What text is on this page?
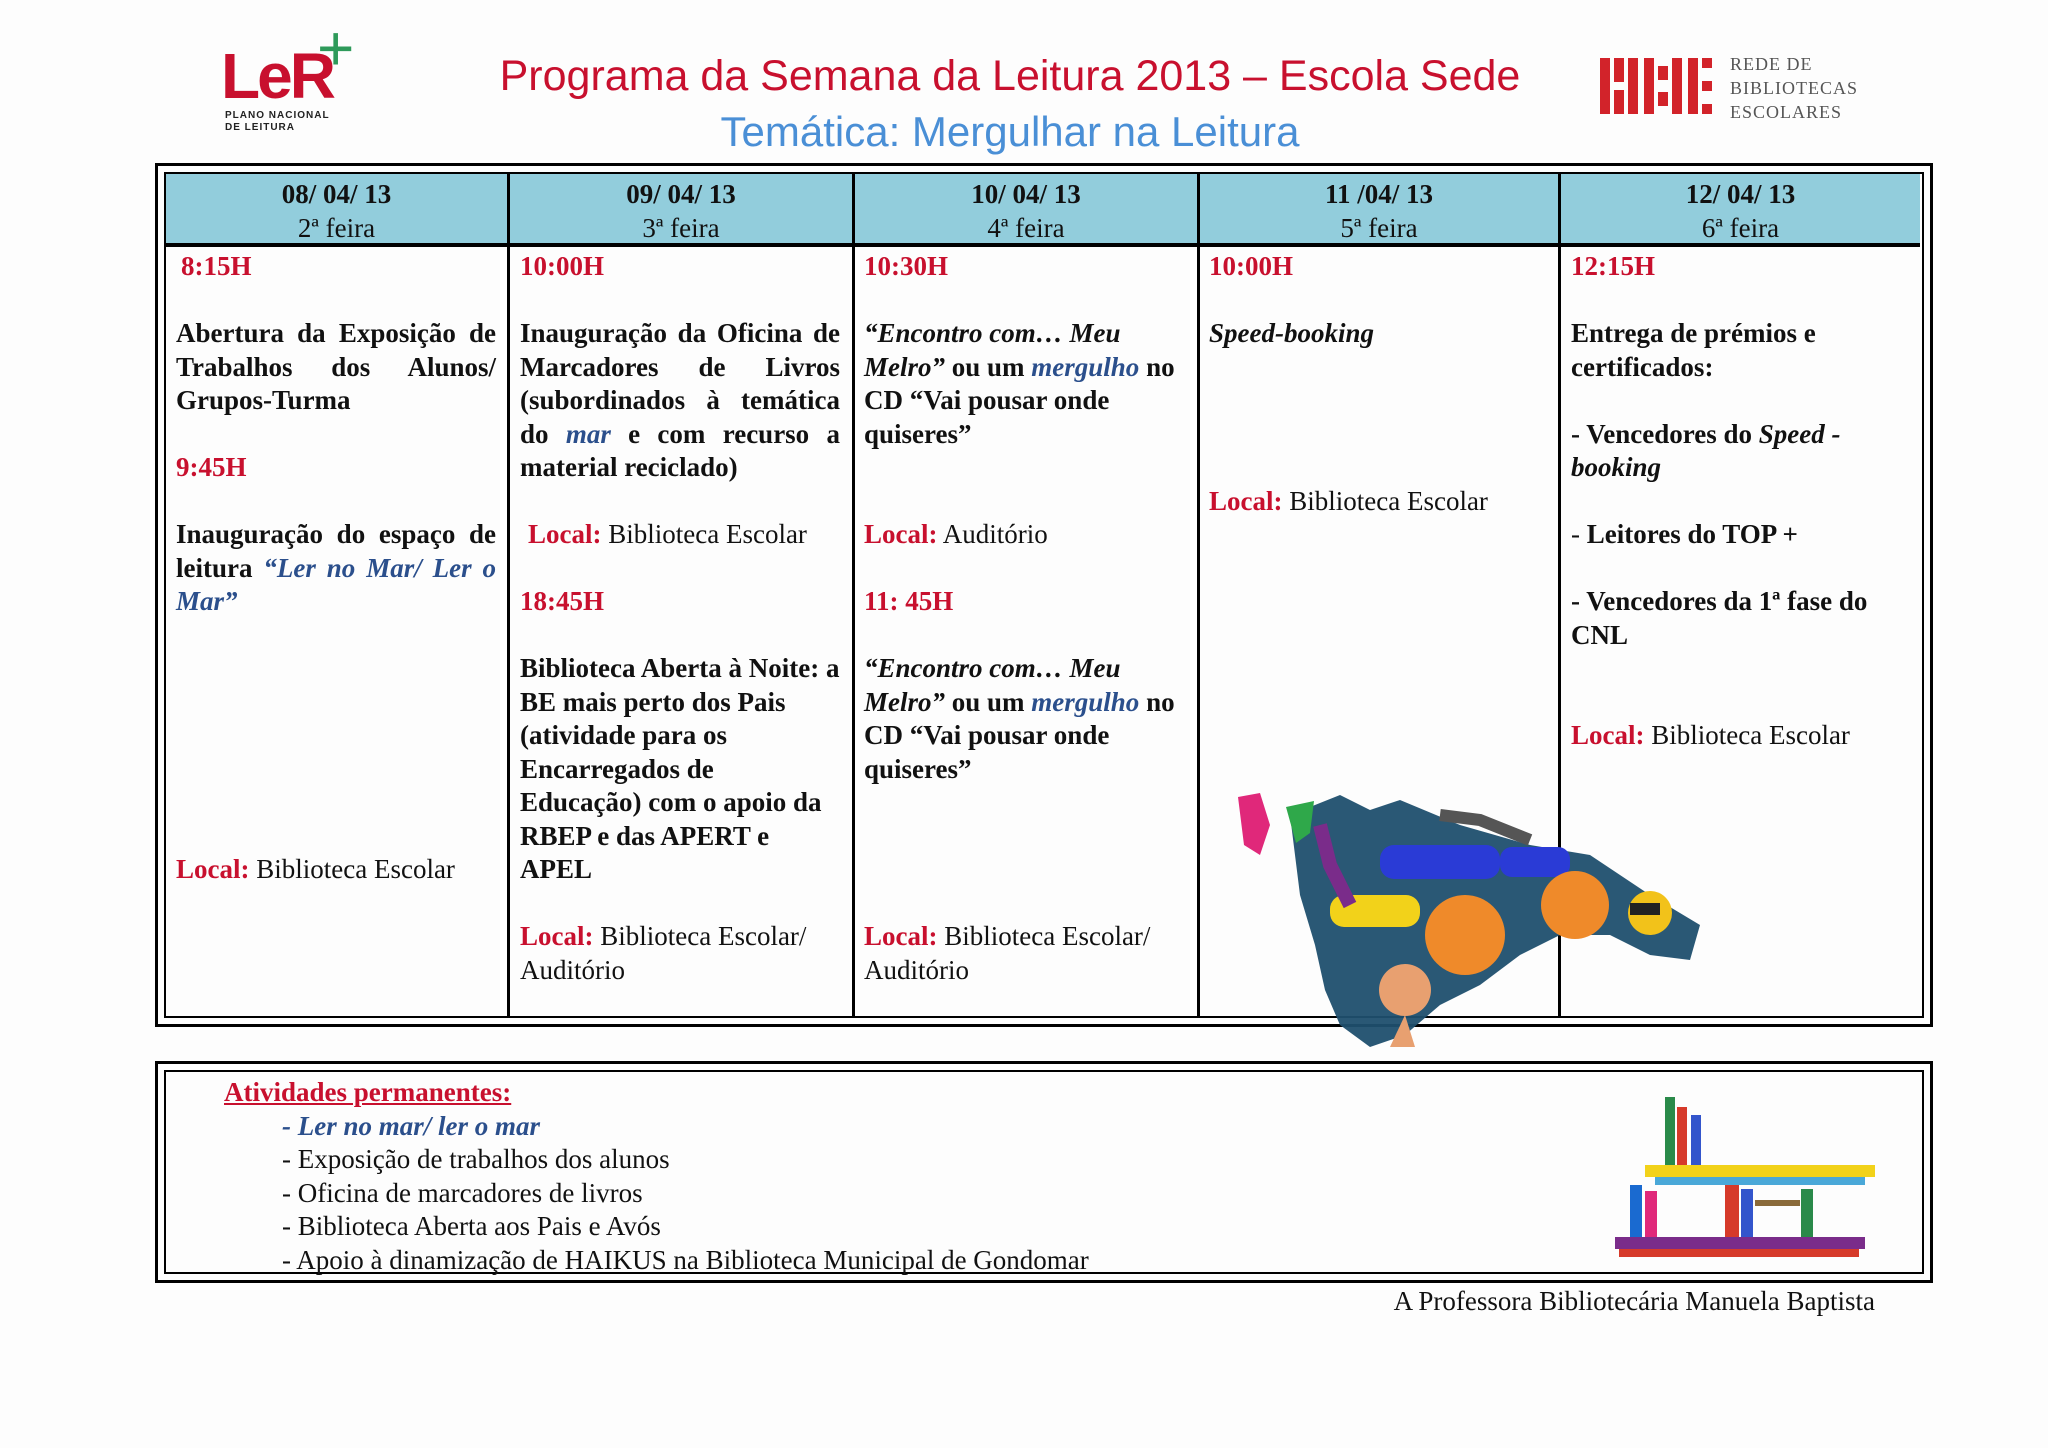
LeR
+
PLANO NACIONAL
DE LEITURA
Programa da Semana da Leitura 2013 – Escola Sede
Temática: Mergulhar na Leitura
REDE DE
BIBLIOTECAS
ESCOLARES
08/ 04/ 13
2ª feira
09/ 04/ 13
3ª feira
10/ 04/ 13
4ª feira
11 /04/ 13
5ª feira
12/ 04/ 13
6ª feira

8:15H

Abertura da Exposição de Trabalhos dos Alunos/ Grupos-Turma

9:45H

Inauguração do espaço de leitura “Ler no Mar/ Ler o Mar”

Local: Biblioteca Escolar

10:00H

Inauguração da Oficina de Marcadores de Livros (subordinados à temática do mar e com recurso a material reciclado)

Local: Biblioteca Escolar

18:45H

Biblioteca Aberta à Noite: a BE mais perto dos Pais (atividade para os Encarregados de Educação) com o apoio da RBEP e das APERT e APEL

Local: Biblioteca Escolar/ Auditório

10:30H

“Encontro com… Meu Melro” ou um mergulho no CD “Vai pousar onde quiseres”

Local: Auditório

11: 45H

“Encontro com… Meu Melro” ou um mergulho no CD “Vai pousar onde quiseres”

Local: Biblioteca Escolar/ Auditório

10:00H

Speed-booking

Local: Biblioteca Escolar

12:15H

Entrega de prémios e certificados:

- Vencedores do Speed - booking

- Leitores do TOP +

- Vencedores da 1ª fase do CNL

Local: Biblioteca Escolar

Atividades permanentes:
- Ler no mar/ ler o mar
- Exposição de trabalhos dos alunos
- Oficina de marcadores de livros
- Biblioteca Aberta aos Pais e Avós
- Apoio à dinamização de HAIKUS na Biblioteca Municipal de Gondomar
A Professora Bibliotecária Manuela Baptista
